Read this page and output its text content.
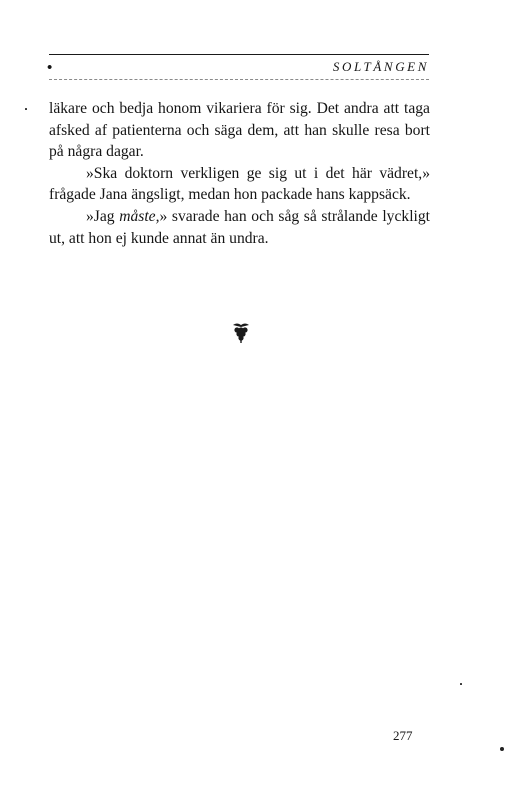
•	SOLTÅNGEN

läkare och bedja honom vikariera för sig. Det andra att taga afsked af patienterna och säga dem, att han skulle resa bort på några dagar.

»Ska doktorn verkligen ge sig ut i det här vädret,» frågade Jana ängsligt, medan hon packade hans kappsäck.

»Jag måste,» svarade han och såg så strålande lyckligt ut, att hon ej kunde annat än undra.

277
